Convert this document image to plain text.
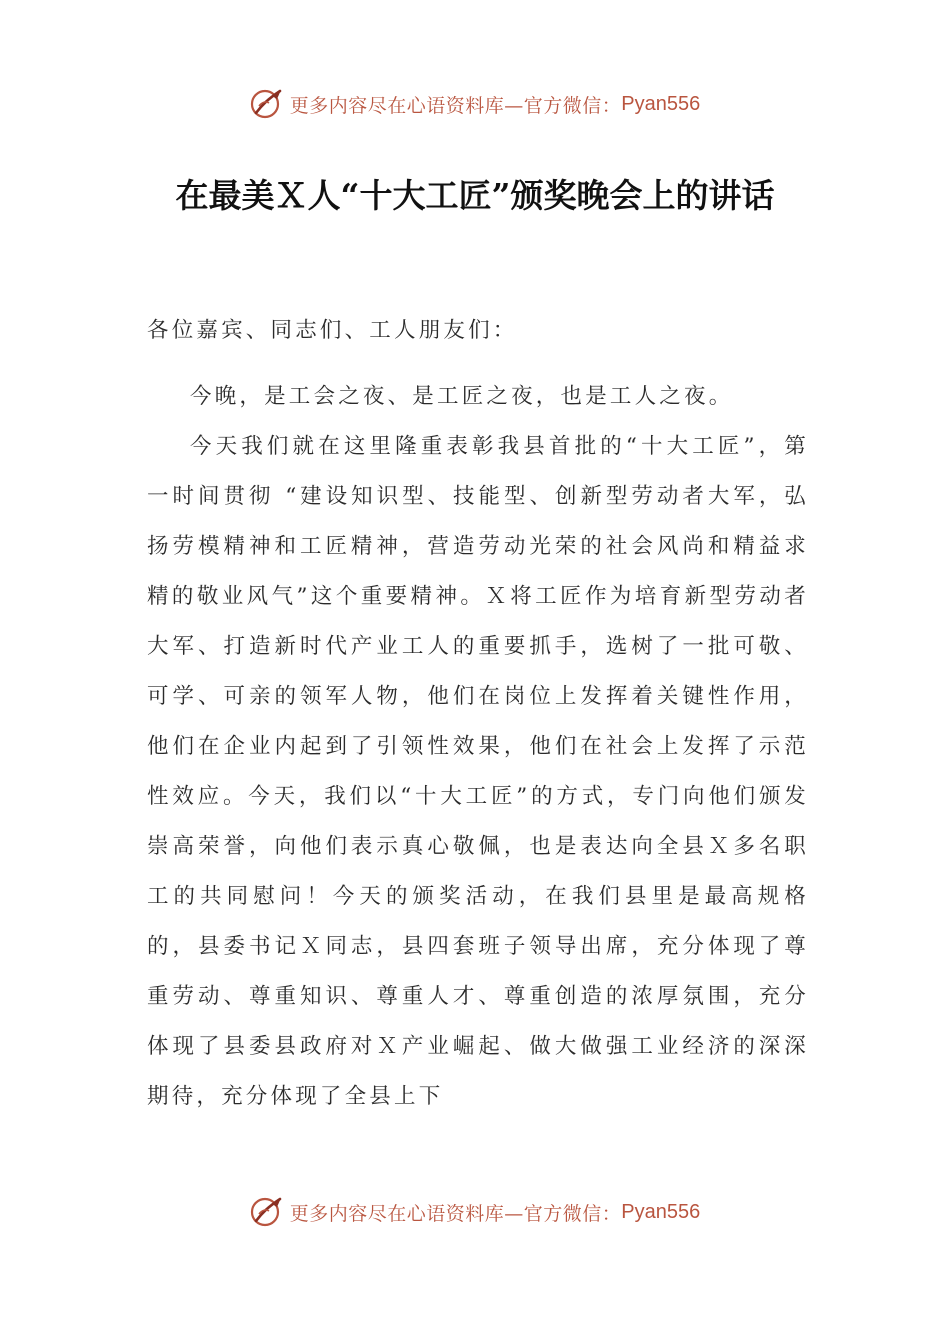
更多内容尽在心语资料库—官方微信： Pyan556
在最美Ｘ人“十大工匠”颁奖晚会上的讲话

各位嘉宾、同志们、工人朋友们：

今晚，是工会之夜、是工匠之夜，也是工人之夜。

今天我们就在这里隆重表彰我县首批的“十大工匠”，第一时间贯彻 “建设知识型、技能型、创新型劳动者大军，弘扬劳模精神和工匠精神，营造劳动光荣的社会风尚和精益求精的敬业风气”这个重要精神。Ｘ将工匠作为培育新型劳动者大军、打造新时代产业工人的重要抓手，选树了一批可敬、可学、可亲的领军人物，他们在岗位上发挥着关键性作用，他们在企业内起到了引领性效果，他们在社会上发挥了示范性效应。今天，我们以“十大工匠”的方式，专门向他们颁发崇高荣誉，向他们表示真心敬佩，也是表达向全县Ｘ多名职工的共同慰问！今天的颁奖活动，在我们县里是最高规格的，县委书记Ｘ同志，县四套班子领导出席，充分体现了尊重劳动、尊重知识、尊重人才、尊重创造的浓厚氛围，充分体现了县委县政府对Ｘ产业崛起、做大做强工业经济的深深期待，充分体现了全县上下

更多内容尽在心语资料库—官方微信： Pyan556
